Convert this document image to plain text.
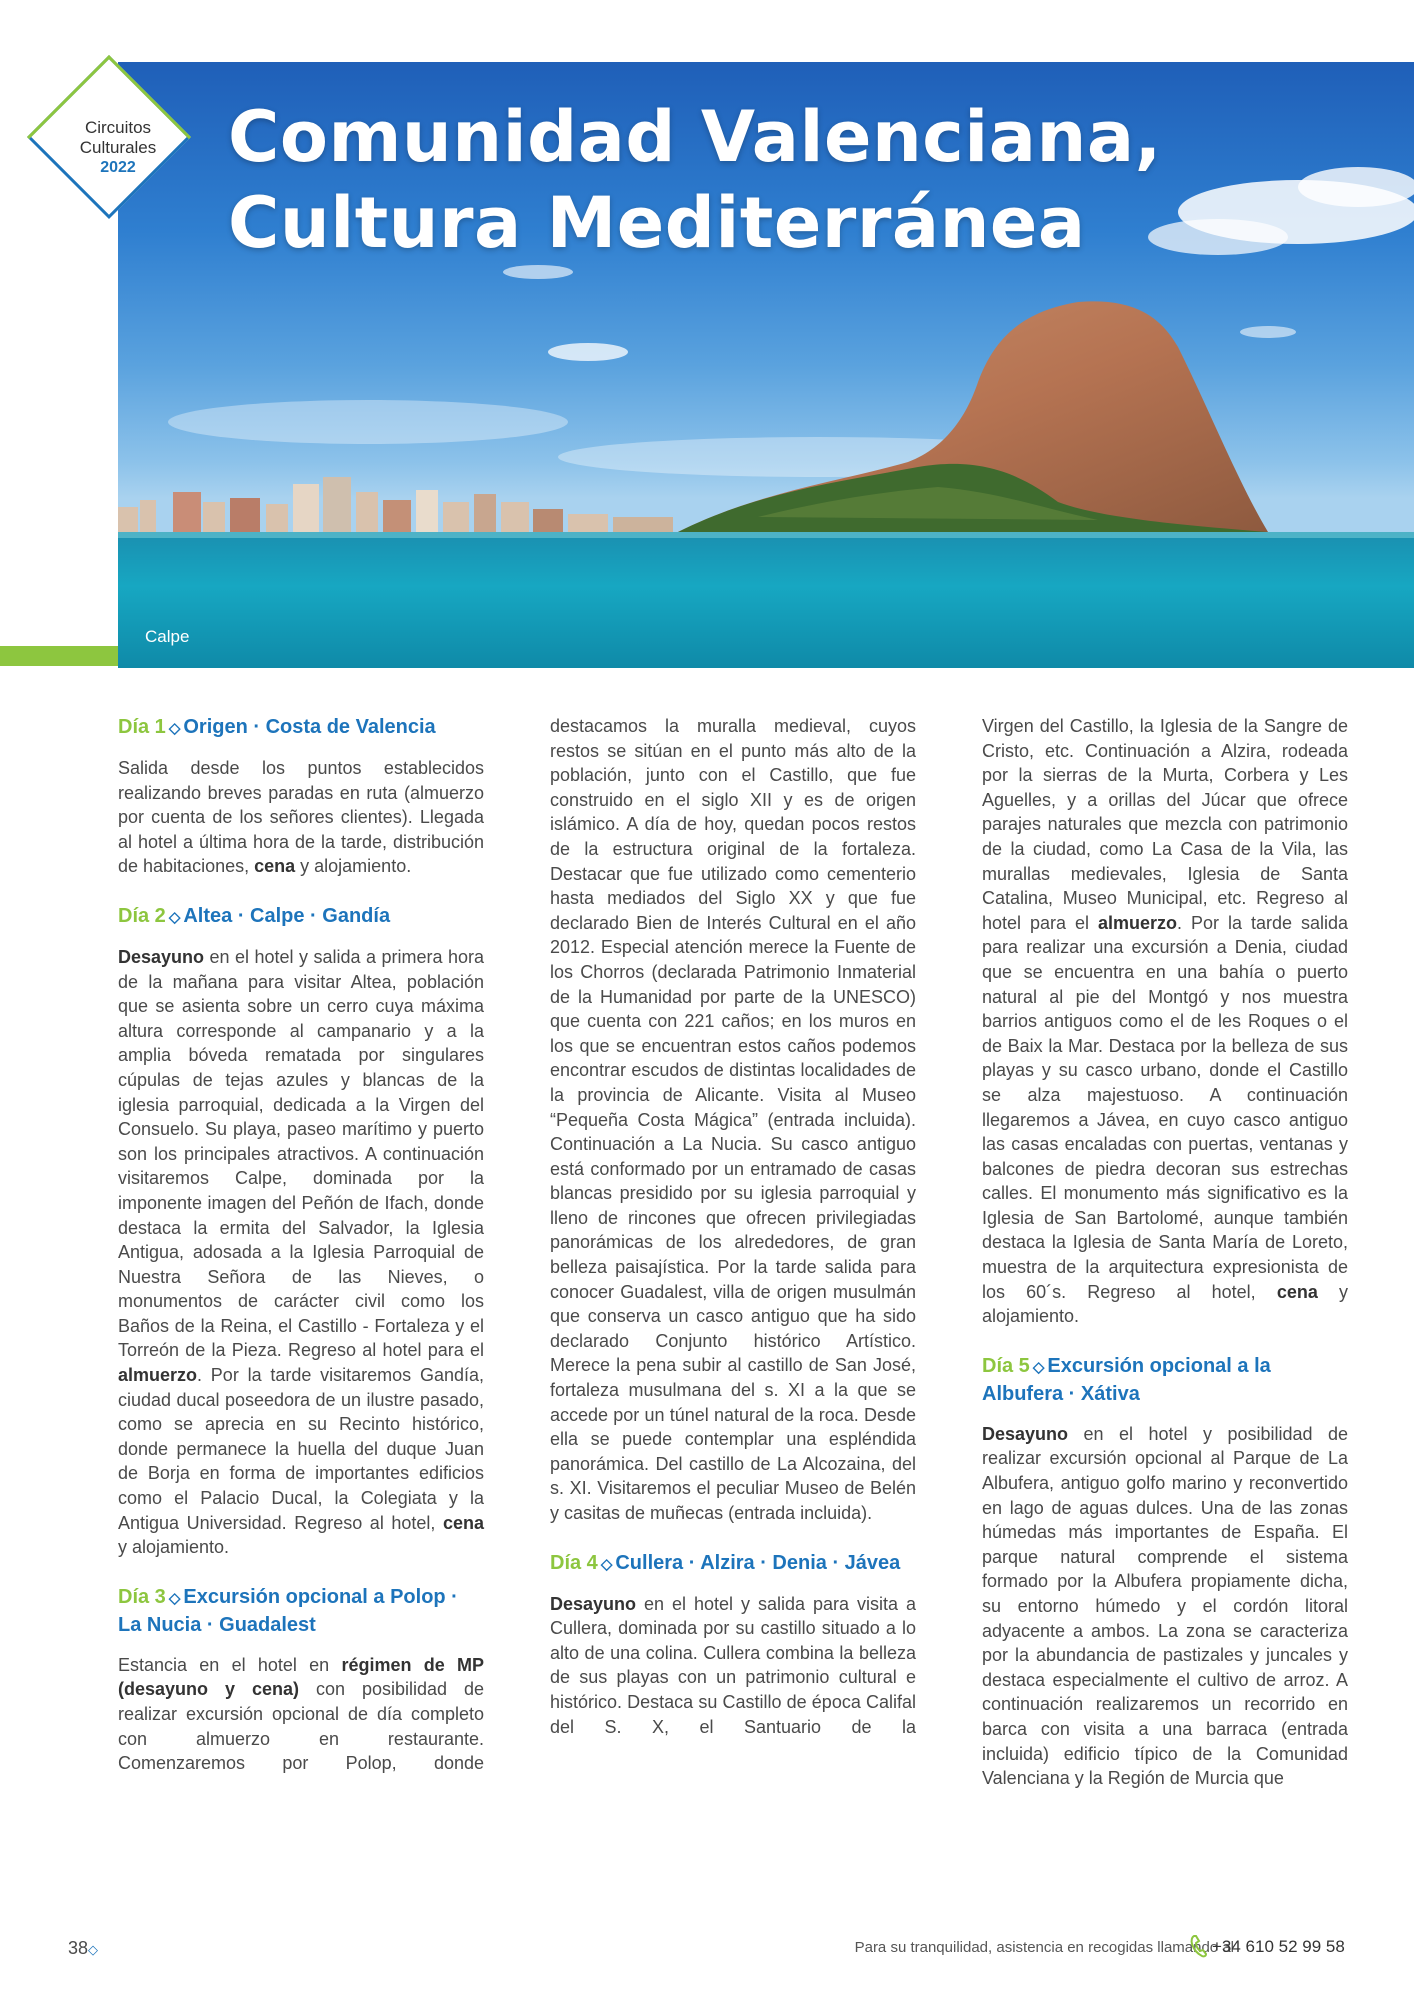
Comunidad Valenciana,
Cultura Mediterránea
Calpe
Circuitos
Culturales
2022
Día 1 ◇ Origen · Costa de Valencia

Salida desde los puntos establecidos realizando breves paradas en ruta (almuerzo por cuenta de los señores clientes). Llegada al hotel a última hora de la tarde, distribución de habitaciones, cena y alojamiento.

Día 2 ◇ Altea · Calpe · Gandía

Desayuno en el hotel y salida a primera hora de la mañana para visitar Altea, población que se asienta sobre un cerro cuya máxima altura corresponde al campanario y a la amplia bóveda rematada por singulares cúpulas de tejas azules y blancas de la iglesia parroquial, dedicada a la Virgen del Consuelo. Su playa, paseo marítimo y puerto son los principales atractivos. A continuación visitaremos Calpe, dominada por la imponente imagen del Peñón de Ifach, donde destaca la ermita del Salvador, la Iglesia Antigua, adosada a la Iglesia Parroquial de Nuestra Señora de las Nieves, o monumentos de carácter civil como los Baños de la Reina, el Castillo - Fortaleza y el Torreón de la Pieza. Regreso al hotel para el almuerzo. Por la tarde visitaremos Gandía, ciudad ducal poseedora de un ilustre pasado, como se aprecia en su Recinto histórico, donde permanece la huella del duque Juan de Borja en forma de importantes edificios como el Palacio Ducal, la Colegiata y la Antigua Universidad. Regreso al hotel, cena y alojamiento.

Día 3 ◇ Excursión opcional a Polop · La Nucia · Guadalest

Estancia en el hotel en régimen de MP (desayuno y cena) con posibilidad de realizar excursión opcional de día completo con almuerzo en restaurante. Comenzaremos por Polop, donde

destacamos la muralla medieval, cuyos restos se sitúan en el punto más alto de la población, junto con el Castillo, que fue construido en el siglo XII y es de origen islámico. A día de hoy, quedan pocos restos de la estructura original de la fortaleza. Destacar que fue utilizado como cementerio hasta mediados del Siglo XX y que fue declarado Bien de Interés Cultural en el año 2012. Especial atención merece la Fuente de los Chorros (declarada Patrimonio Inmaterial de la Humanidad por parte de la UNESCO) que cuenta con 221 caños; en los muros en los que se encuentran estos caños podemos encontrar escudos de distintas localidades de la provincia de Alicante. Visita al Museo “Pequeña Costa Mágica” (entrada incluida). Continuación a La Nucia. Su casco antiguo está conformado por un entramado de casas blancas presidido por su iglesia parroquial y lleno de rincones que ofrecen privilegiadas panorámicas de los alrededores, de gran belleza paisajística. Por la tarde salida para conocer Guadalest, villa de origen musulmán que conserva un casco antiguo que ha sido declarado Conjunto histórico Artístico. Merece la pena subir al castillo de San José, fortaleza musulmana del s. XI a la que se accede por un túnel natural de la roca. Desde ella se puede contemplar una espléndida panorámica. Del castillo de La Alcozaina, del s. XI. Visitaremos el peculiar Museo de Belén y casitas de muñecas (entrada incluida).

Día 4 ◇ Cullera · Alzira · Denia · Jávea

Desayuno en el hotel y salida para visita a Cullera, dominada por su castillo situado a lo alto de una colina. Cullera combina la belleza de sus playas con un patrimonio cultural e histórico. Destaca su Castillo de época Califal del S. X, el Santuario de la

Virgen del Castillo, la Iglesia de la Sangre de Cristo, etc. Continuación a Alzira, rodeada por la sierras de la Murta, Corbera y Les Aguelles, y a orillas del Júcar que ofrece parajes naturales que mezcla con patrimonio de la ciudad, como La Casa de la Vila, las murallas medievales, Iglesia de Santa Catalina, Museo Municipal, etc. Regreso al hotel para el almuerzo. Por la tarde salida para realizar una excursión a Denia, ciudad que se encuentra en una bahía o puerto natural al pie del Montgó y nos muestra barrios antiguos como el de les Roques o el de Baix la Mar. Destaca por la belleza de sus playas y su casco urbano, donde el Castillo se alza majestuoso. A continuación llegaremos a Jávea, en cuyo casco antiguo las casas encaladas con puertas, ventanas y balcones de piedra decoran sus estrechas calles. El monumento más significativo es la Iglesia de San Bartolomé, aunque también destaca la Iglesia de Santa María de Loreto, muestra de la arquitectura expresionista de los 60´s. Regreso al hotel, cena y alojamiento.

Día 5 ◇ Excursión opcional a la Albufera · Xátiva

Desayuno en el hotel y posibilidad de realizar excursión opcional al Parque de La Albufera, antiguo golfo marino y reconvertido en lago de aguas dulces. Una de las zonas húmedas más importantes de España. El parque natural comprende el sistema formado por la Albufera propiamente dicha, su entorno húmedo y el cordón litoral adyacente a ambos. La zona se caracteriza por la abundancia de pastizales y juncales y destaca especialmente el cultivo de arroz. A continuación realizaremos un recorrido en barca con visita a una barraca (entrada incluida) edificio típico de la Comunidad Valenciana y la Región de Murcia que

38◇	Para su tranquilidad, asistencia en recogidas llamando al
+34 610 52 99 58
